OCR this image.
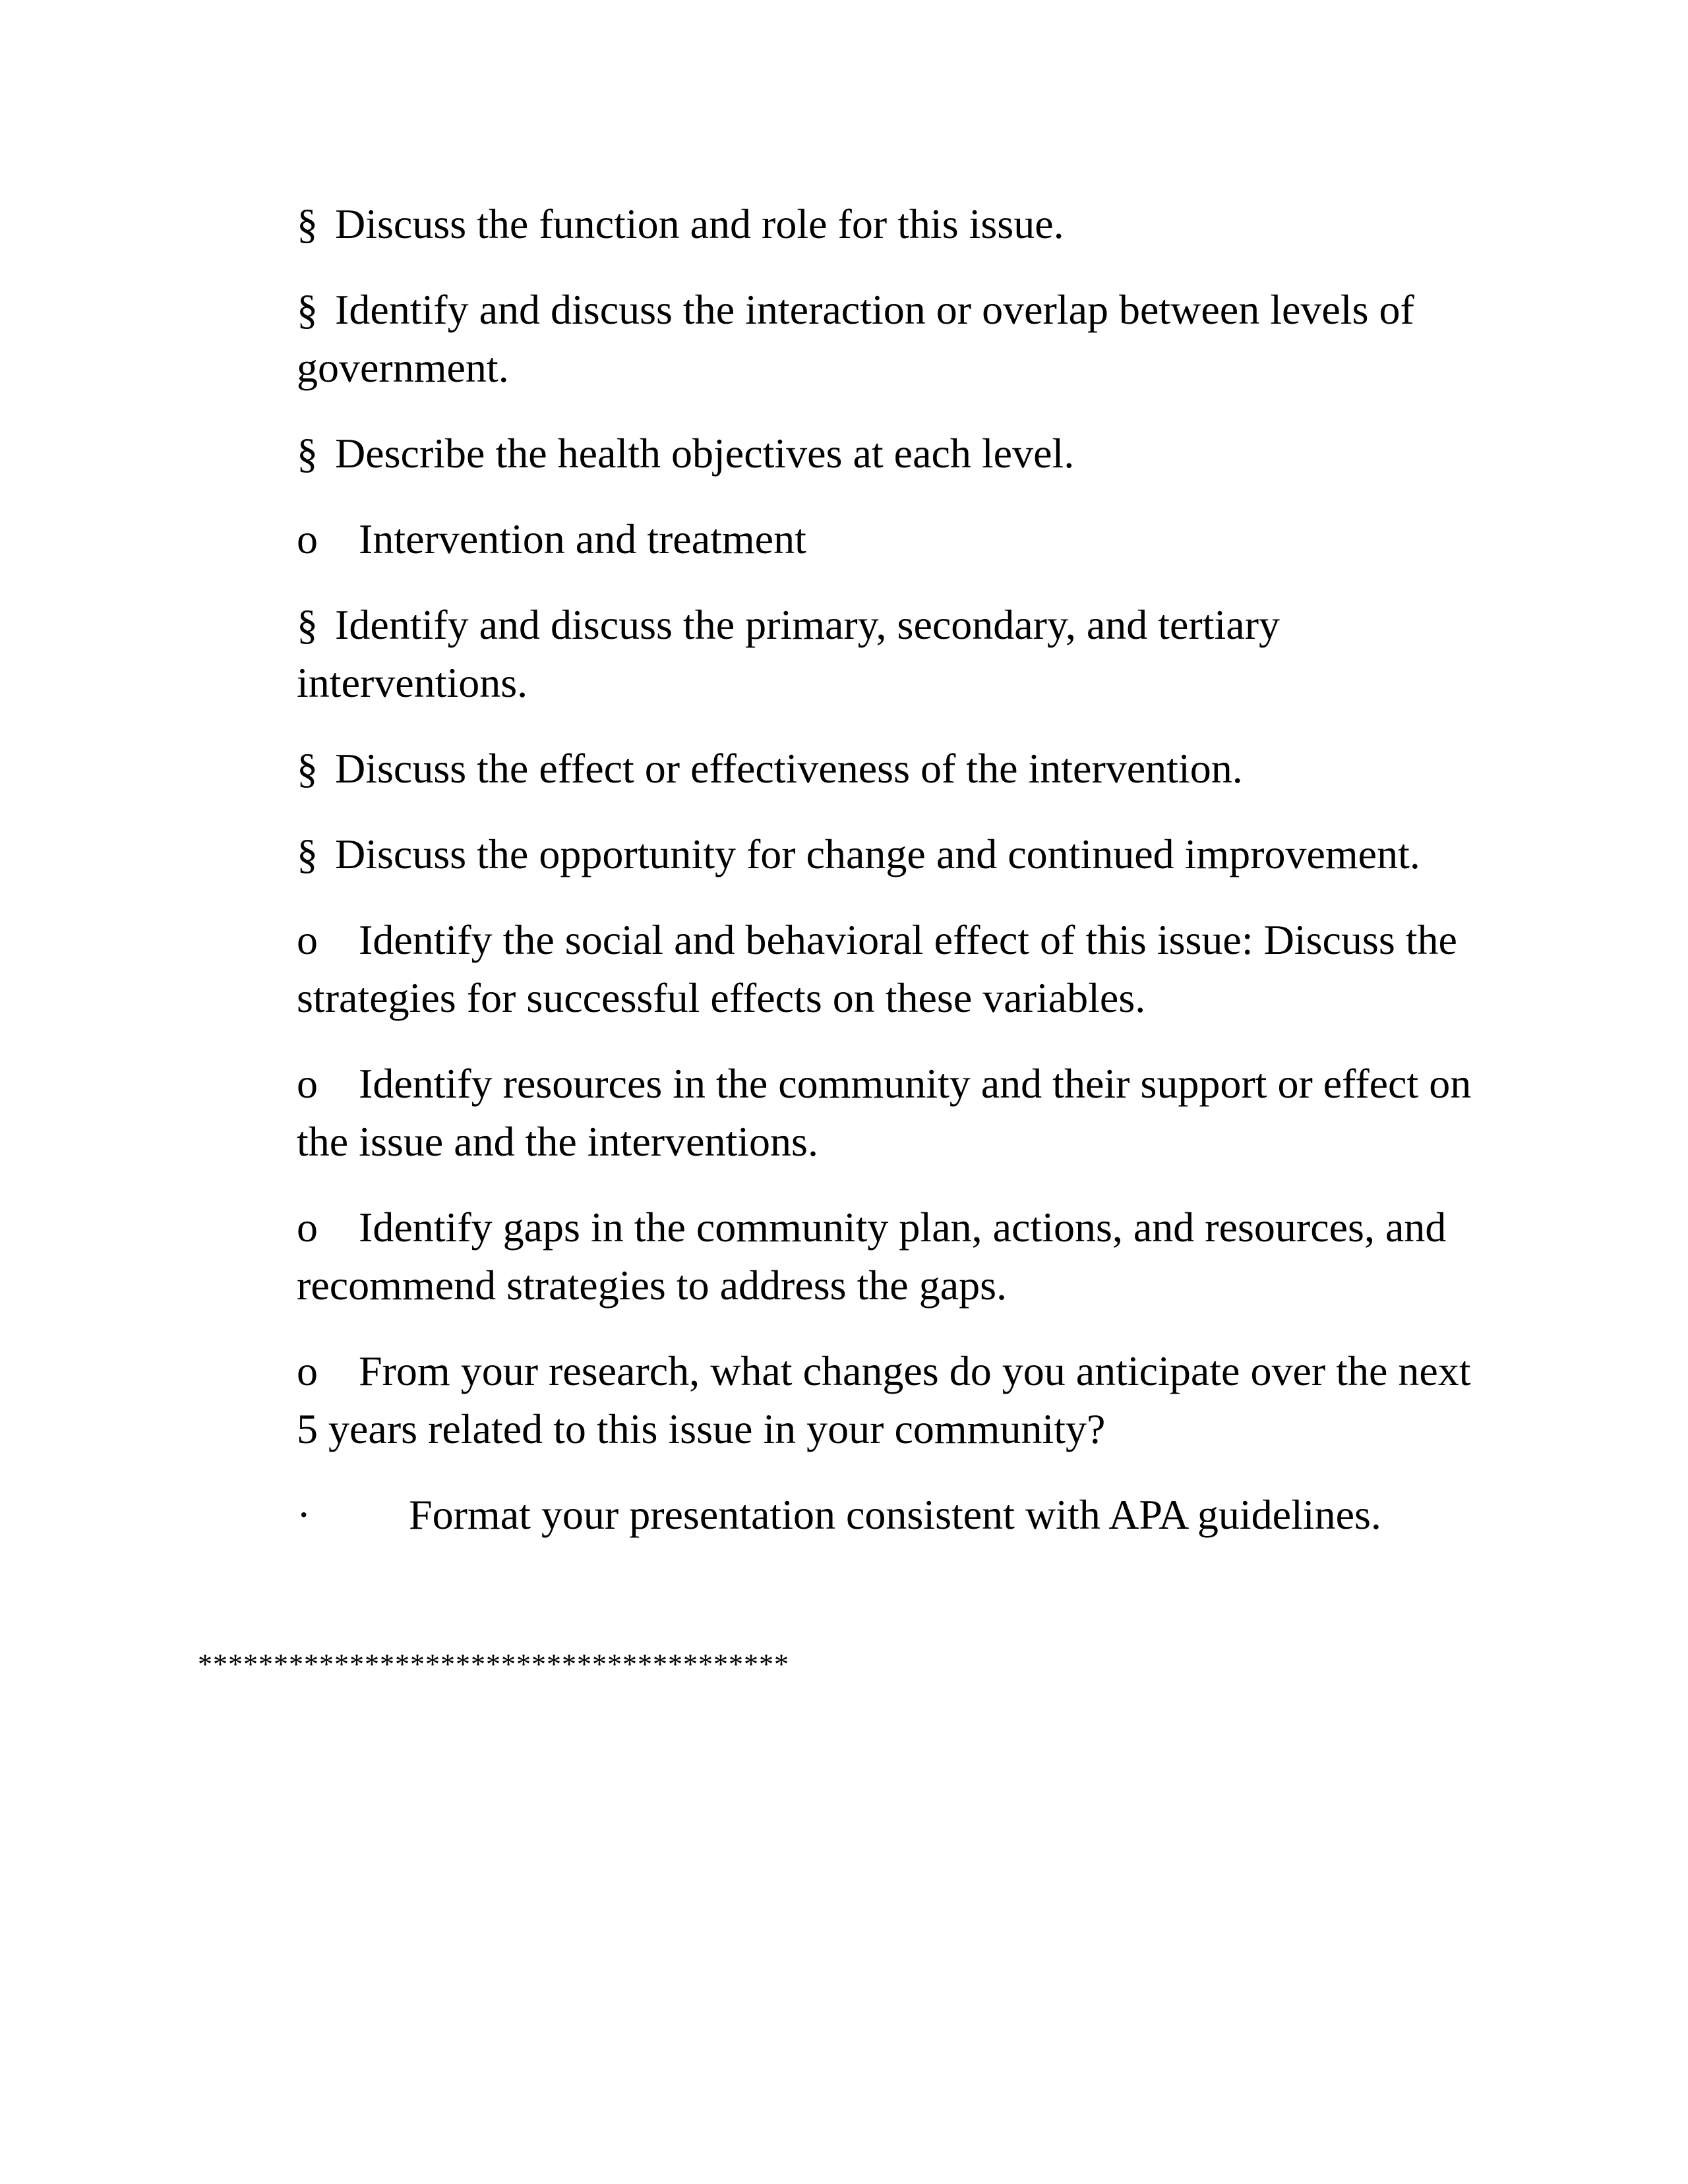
§ Discuss the function and role for this issue.

§ Identify and discuss the interaction or overlap between levels of government.

§ Describe the health objectives at each level.

o Intervention and treatment

§ Identify and discuss the primary, secondary, and tertiary interventions.

§ Discuss the effect or effectiveness of the intervention.

§ Discuss the opportunity for change and continued improvement.

o Identify the social and behavioral effect of this issue: Discuss the strategies for successful effects on these variables.

o Identify resources in the community and their support or effect on the issue and the interventions.

o Identify gaps in the community plan, actions, and resources, and recommend strategies to address the gaps.

o From your research, what changes do you anticipate over the next 5 years related to this issue in your community?

· Format your presentation consistent with APA guidelines.

***************************************
